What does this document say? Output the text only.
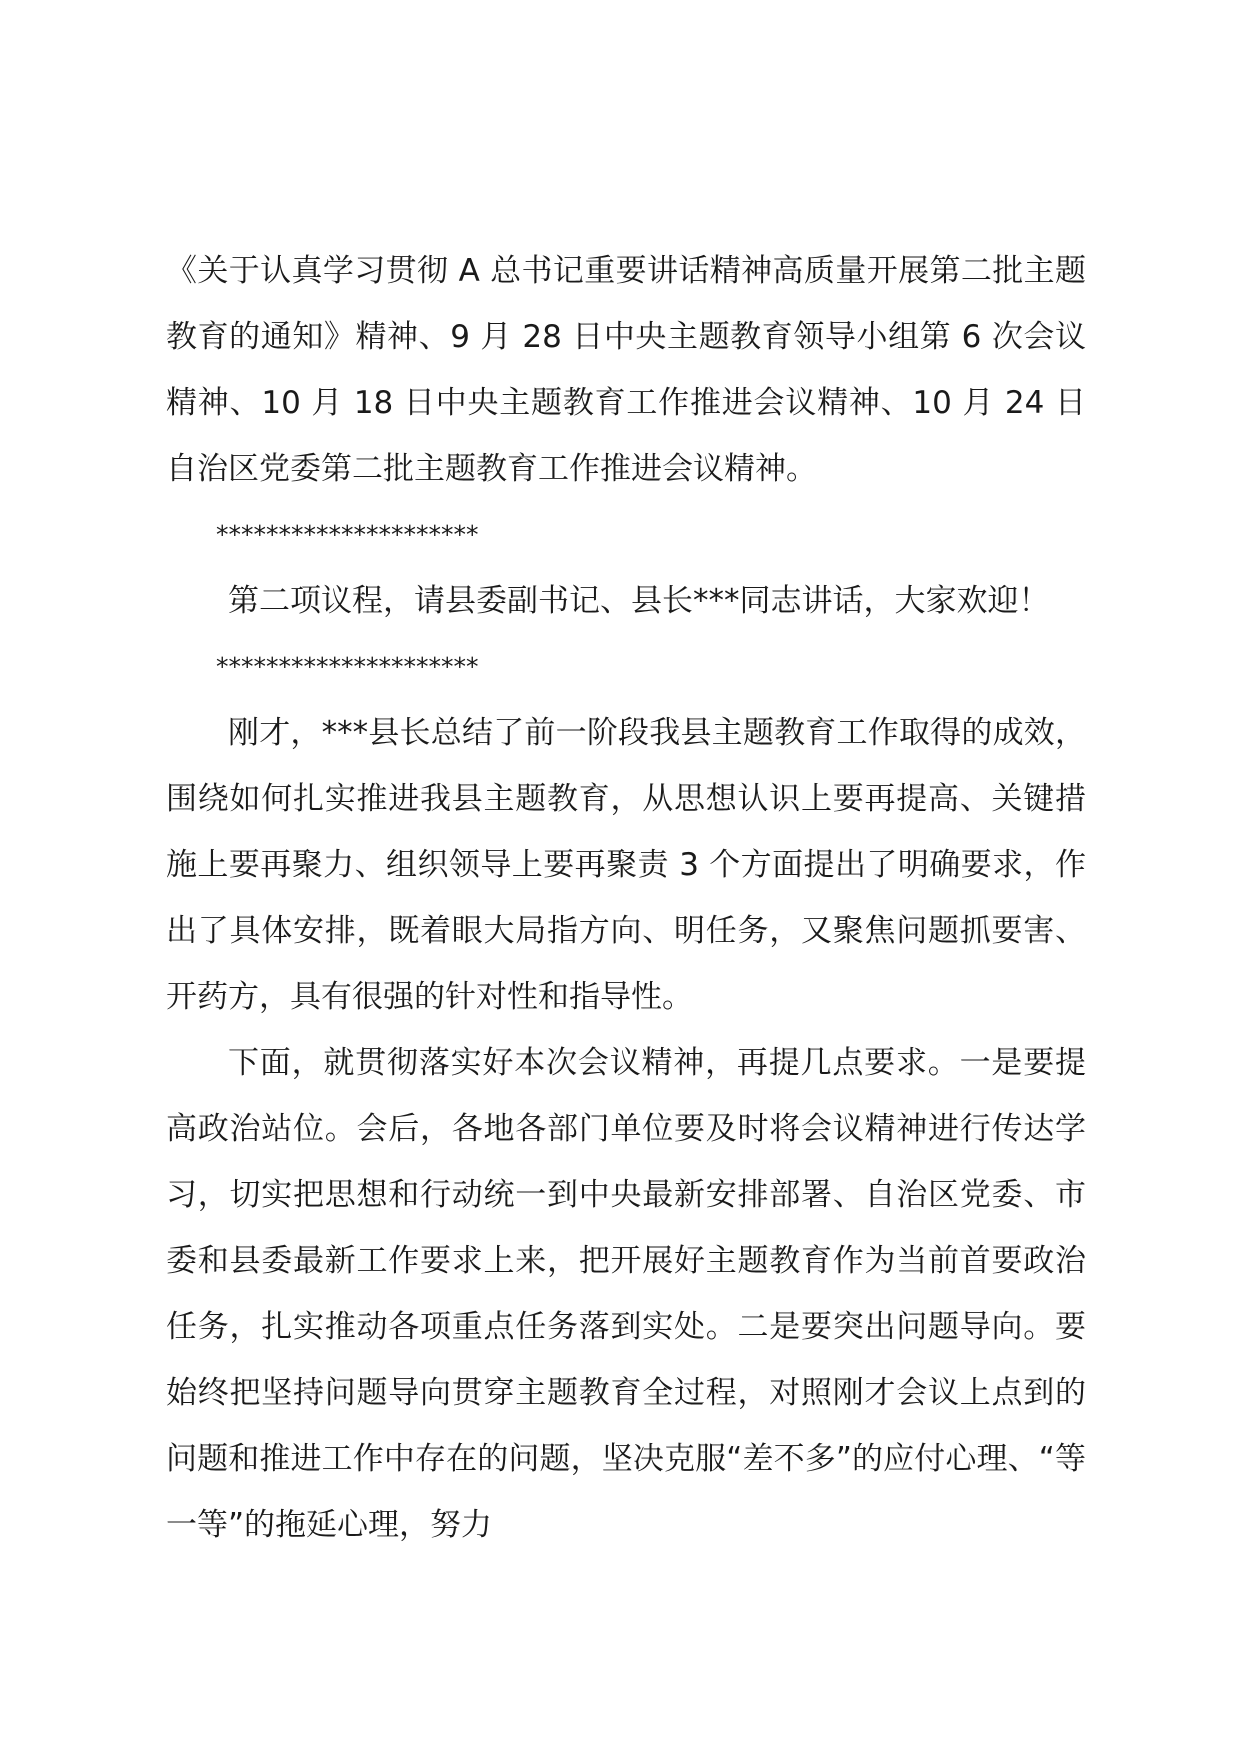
《关于认真学习贯彻 A 总书记重要讲话精神高质量开展第二批主题教育的通知》精神、9 月 28 日中央主题教育领导小组第 6 次会议精神、10 月 18 日中央主题教育工作推进会议精神、10 月 24 日自治区党委第二批主题教育工作推进会议精神。

*********************

第二项议程，请县委副书记、县长***同志讲话，大家欢迎！

*********************

刚才，***县长总结了前一阶段我县主题教育工作取得的成效，围绕如何扎实推进我县主题教育，从思想认识上要再提高、关键措施上要再聚力、组织领导上要再聚责 3 个方面提出了明确要求，作出了具体安排，既着眼大局指方向、明任务，又聚焦问题抓要害、开药方，具有很强的针对性和指导性。

下面，就贯彻落实好本次会议精神，再提几点要求。一是要提高政治站位。会后，各地各部门单位要及时将会议精神进行传达学习，切实把思想和行动统一到中央最新安排部署、自治区党委、市委和县委最新工作要求上来，把开展好主题教育作为当前首要政治任务，扎实推动各项重点任务落到实处。二是要突出问题导向。要始终把坚持问题导向贯穿主题教育全过程，对照刚才会议上点到的问题和推进工作中存在的问题，坚决克服“差不多”的应付心理、“等一等”的拖延心理，努力
